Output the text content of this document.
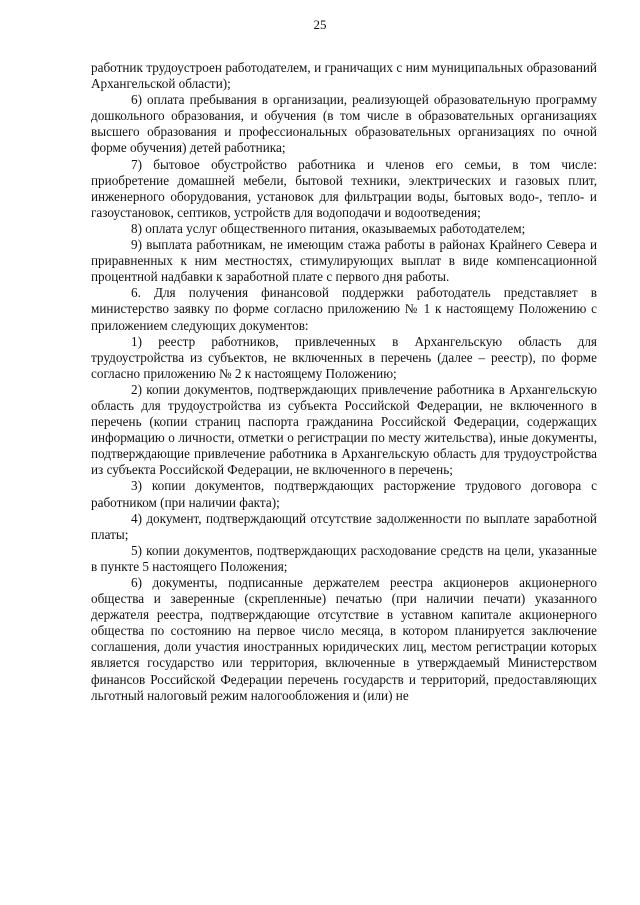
25

работник трудоустроен работодателем, и граничащих с ним муниципальных образований Архангельской области);

6) оплата пребывания в организации, реализующей образовательную программу дошкольного образования, и обучения (в том числе в образовательных организациях высшего образования и профессиональных образовательных организациях по очной форме обучения) детей работника;

7) бытовое обустройство работника и членов его семьи, в том числе: приобретение домашней мебели, бытовой техники, электрических и газовых плит, инженерного оборудования, установок для фильтрации воды, бытовых водо-, тепло- и газоустановок, септиков, устройств для водоподачи и водоотведения;

8) оплата услуг общественного питания, оказываемых работодателем;

9) выплата работникам, не имеющим стажа работы в районах Крайнего Севера и приравненных к ним местностях, стимулирующих выплат в виде компенсационной процентной надбавки к заработной плате с первого дня работы.

6. Для получения финансовой поддержки работодатель представляет в министерство заявку по форме согласно приложению № 1 к настоящему Положению с приложением следующих документов:

1) реестр работников, привлеченных в Архангельскую область для трудоустройства из субъектов, не включенных в перечень (далее – реестр), по форме согласно приложению № 2 к настоящему Положению;

2) копии документов, подтверждающих привлечение работника в Архангельскую область для трудоустройства из субъекта Российской Федерации, не включенного в перечень (копии страниц паспорта гражданина Российской Федерации, содержащих информацию о личности, отметки о регистрации по месту жительства), иные документы, подтверждающие привлечение работника в Архангельскую область для трудоустройства из субъекта Российской Федерации, не включенного в перечень;

3) копии документов, подтверждающих расторжение трудового договора с работником (при наличии факта);

4) документ, подтверждающий отсутствие задолженности по выплате заработной платы;

5) копии документов, подтверждающих расходование средств на цели, указанные в пункте 5 настоящего Положения;

6) документы, подписанные держателем реестра акционеров акционерного общества и заверенные (скрепленные) печатью (при наличии печати) указанного держателя реестра, подтверждающие отсутствие в уставном капитале акционерного общества по состоянию на первое число месяца, в котором планируется заключение соглашения, доли участия иностранных юридических лиц, местом регистрации которых является государство или территория, включенные в утверждаемый Министерством финансов Российской Федерации перечень государств и территорий, предоставляющих льготный налоговый режим налогообложения и (или) не
